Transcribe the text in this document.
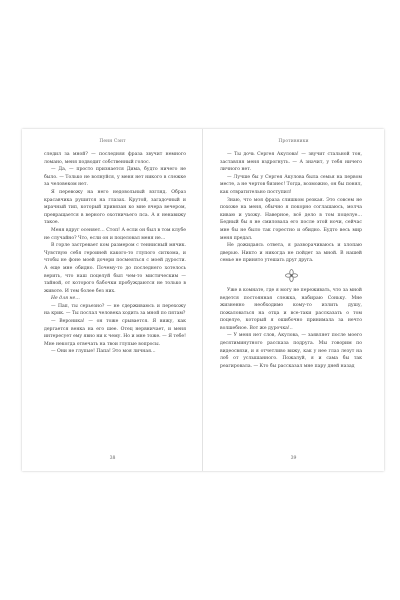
Пенн Сэнт

следил за мной? — последняя фраза звучит немного ломано, меня подводит собственный голос.

— Да, — просто признается Дима, будто ничего не было. — Только не волнуйся, у меня нет никого в слежке за человеком нет.

Я перевожу на него недовольный взгляд. Образ красавчика рушится на глазах. Крутой, загадочный и мрачный тип, который привязан ко мне вчера вечером, превращается в верного охотничьего пса. А я ненавижу такое.

Меня вдруг осеняет… Стоп! А если он был в том клубе не случайно? Что, если он и поцеловал меня не…

В горле застревает ком размером с теннисный мячик. Чувствую себя героиней какого-то глупого ситкома, и чтобы не фоне моей дочери посмеяться с моей дурости. А еще мне обидно. Почему-то до последнего хотелось верить, что наш поцелуй был чем-то мистическим — тайной, от которого бабочки пробуждаются не только в животе. И тем более без них.

Не для не…

— Пап, ты серьезно? — не сдерживаюсь и перехожу на крик. — Ты послал человека ходить за мной по пятам?

— Вероника! — он тоже срывается. Я вижу, как дергается венка на его шее. Отец нервничает, и меня интересует ему явно ни к чему. Но и мне тоже. — Я тебе! Мне некогда отвечать на твои глупые вопросы.

— Они не глупые! Папа! Это моя личная…

38
Противники

— Ты дочь Сергея Акулова! — звучит стальной тон, заставляя меня вздрогнуть. — А значит, у тебя ничего личного нет.

— Лучше бы у Сергея Акулова была семья на первом месте, а не чертов бизнес! Тогда, возможно, он бы понял, как отвратительно поступил!

Знаю, что моя фраза слишком резкая. Это совсем не похоже на меня, обычно я покорно соглашаюсь, молча киваю и ухожу. Наверное, всё дело в том поцелуе… Бедный бы я не смиловала его после этой ночи, сейчас мне бы не было так горестно и обидно. Будто весь мир меня предал.

Не дожидаясь ответа, я разворачиваюсь и хлопаю дверью. Никто и никогда не пойдет за мной. В нашей семье не принято утешать друг друга.

Уже в комнате, где я могу не переживать, что за мной ведется постоянная слежка, набираю Соньку. Мне жизненно необходимо кому-то излить душу, пожаловаться на отца и все-таки рассказать о том поцелуе, который я ошибочно принимала за нечто волшебное. Вот же дурочка!..

— У меня нет слов, Акулова, — заявляет после моего десятиминутного рассказа подруга. Мы говорим по видеосвязи, и я отчетливо вижу, как у нее глаз лезут на лоб от услышанного. Пожалуй, я и сама бы так реагировала. — Кто бы рассказал мне пару дней назад

39
